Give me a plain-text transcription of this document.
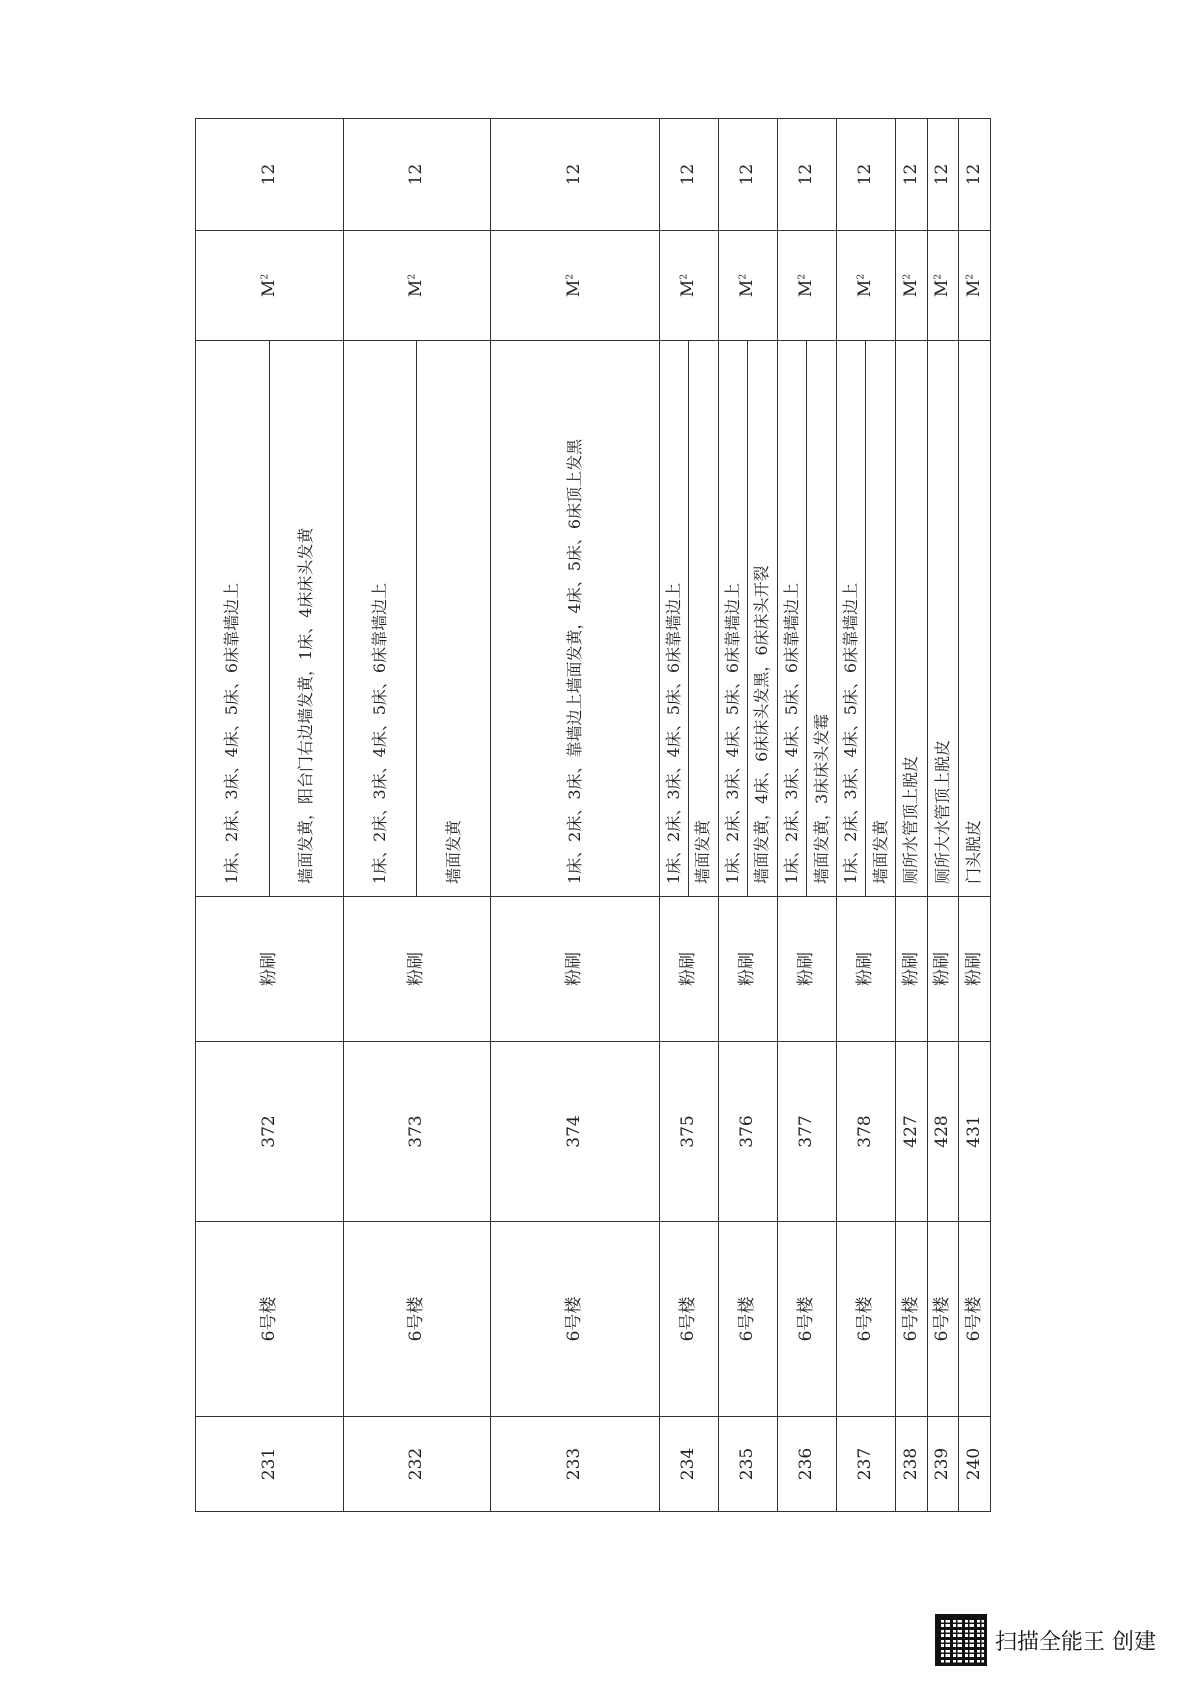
231	6号楼	372	粉刷	1床、2床、3床、4床、5床、6床靠墙边上	$M^2$	12
				墙面发黄，阳台门右边墙发黄，1床、4床床头发黄		
232	6号楼	373	粉刷	1床、2床、3床、4床、5床、6床靠墙边上	$M^2$	12
				墙面发黄		
233	6号楼	374	粉刷	1床、2床、3床、靠墙边上墙面发黄，4床、5床、6床顶上发黑	$M^2$	12
234	6号楼	375	粉刷	1床、2床、3床、4床、5床、6床靠墙边上	$M^2$	12
				墙面发黄		
235	6号楼	376	粉刷	1床、2床、3床、4床、5床、6床靠墙边上	$M^2$	12
				墙面发黄，4床、6床床头发黑，6床床头开裂		
236	6号楼	377	粉刷	1床、2床、3床、4床、5床、6床靠墙边上	$M^2$	12
				墙面发黄，3床床头发霉		
237	6号楼	378	粉刷	1床、2床、3床、4床、5床、6床靠墙边上	$M^2$	12
				墙面发黄		
238	6号楼	427	粉刷	厕所水管顶上脱皮	$M^2$	12
239	6号楼	428	粉刷	厕所大水管顶上脱皮	$M^2$	12
240	6号楼	431	粉刷	门头脱皮	$M^2$	12
扫描全能王 创建
